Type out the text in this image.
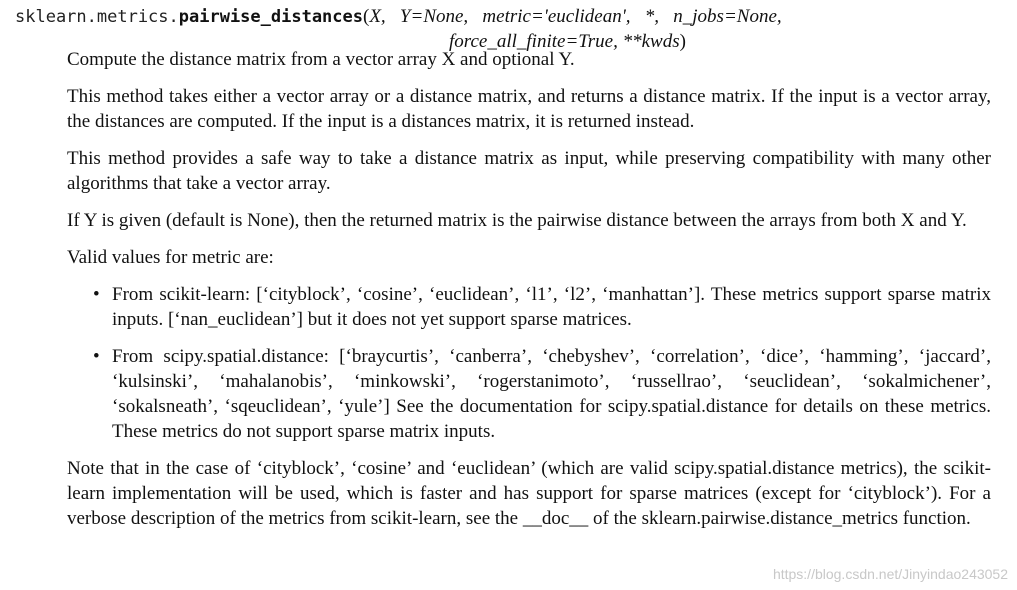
sklearn.metrics.pairwise_distances(X,   Y=None,   metric='euclidean',   *,   n_jobs=None,
force_all_finite=True, **kwds)

Compute the distance matrix from a vector array X and optional Y.

This method takes either a vector array or a distance matrix, and returns a distance matrix. If the input is a vector array, the distances are computed. If the input is a distances matrix, it is returned instead.

This method provides a safe way to take a distance matrix as input, while preserving compatibility with many other algorithms that take a vector array.

If Y is given (default is None), then the returned matrix is the pairwise distance between the arrays from both X and Y.

Valid values for metric are:

• From scikit-learn: [‘cityblock’, ‘cosine’, ‘euclidean’, ‘l1’, ‘l2’, ‘manhattan’]. These metrics support sparse matrix inputs. [‘nan_euclidean’] but it does not yet support sparse matrices.
• From scipy.spatial.distance: [‘braycurtis’, ‘canberra’, ‘chebyshev’, ‘correlation’, ‘dice’, ‘hamming’, ‘jaccard’, ‘kulsinski’, ‘mahalanobis’, ‘minkowski’, ‘rogerstanimoto’, ‘russellrao’, ‘seuclidean’, ‘sokalmichener’, ‘sokalsneath’, ‘sqeuclidean’, ‘yule’] See the documentation for scipy.spatial.distance for details on these metrics. These metrics do not support sparse matrix inputs.

Note that in the case of ‘cityblock’, ‘cosine’ and ‘euclidean’ (which are valid scipy.spatial.distance metrics), the scikit-learn implementation will be used, which is faster and has support for sparse matrices (except for ‘cityblock’). For a verbose description of the metrics from scikit-learn, see the __doc__ of the sklearn.pairwise.distance_metrics function.

https://blog.csdn.net/Jinyindao243052
